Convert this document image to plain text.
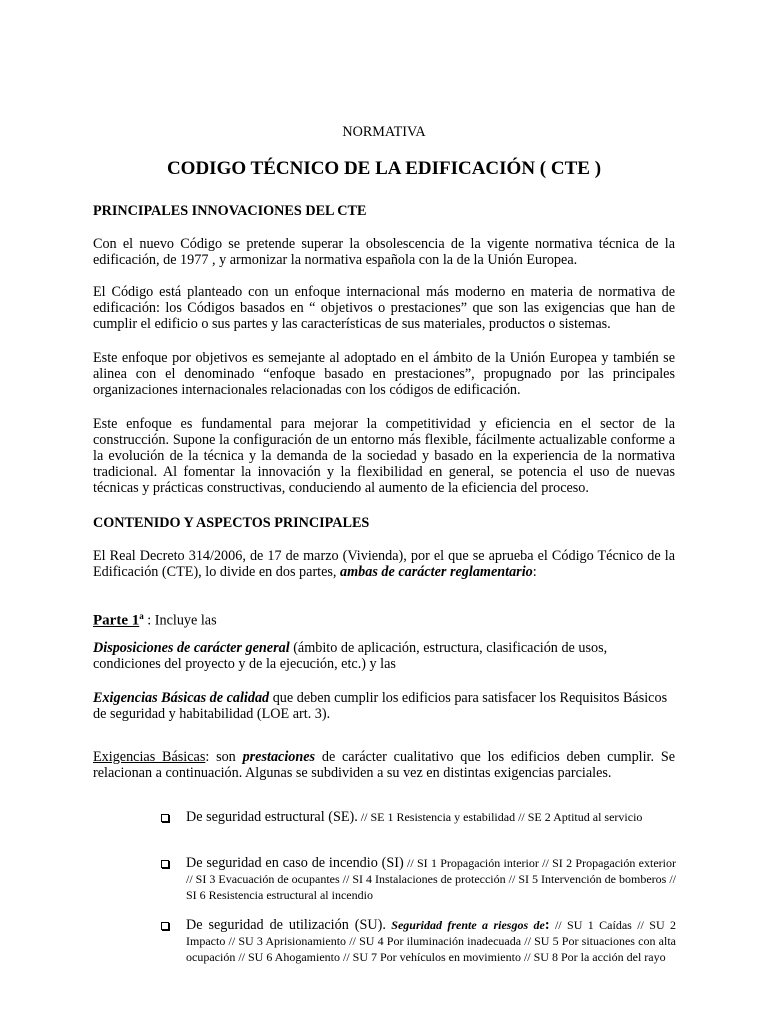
NORMATIVA

CODIGO TÉCNICO DE LA EDIFICACIÓN ( CTE )

PRINCIPALES INNOVACIONES DEL CTE

Con el nuevo Código se pretende superar la obsolescencia de la vigente normativa técnica de la edificación, de 1977 , y armonizar la normativa española con la de la Unión Europea.

El Código está planteado con un enfoque internacional más moderno en materia de normativa de edificación: los Códigos basados en “ objetivos o prestaciones” que son las exigencias que han de cumplir el edificio o sus partes y las características de sus materiales, productos o sistemas.

Este enfoque por objetivos es semejante al adoptado en el ámbito de la Unión Europea y también se alinea con el denominado “enfoque basado en prestaciones”, propugnado por las principales organizaciones internacionales relacionadas con los códigos de edificación.

Este enfoque es fundamental para mejorar la competitividad y eficiencia en el sector de la construcción. Supone la configuración de un entorno más flexible, fácilmente actualizable conforme a la evolución de la técnica y la demanda de la sociedad y basado en la experiencia de la normativa tradicional. Al fomentar la innovación y la flexibilidad en general, se potencia el uso de nuevas técnicas y prácticas constructivas, conduciendo al aumento de la eficiencia del proceso.

CONTENIDO Y ASPECTOS PRINCIPALES

El Real Decreto 314/2006, de 17 de marzo (Vivienda), por el que se aprueba el Código Técnico de la Edificación (CTE), lo divide en dos partes, ambas de carácter reglamentario:

Parte 1$^a$ : Incluye las

Disposiciones de carácter general (ámbito de aplicación, estructura, clasificación de usos, condiciones del proyecto y de la ejecución, etc.) y las

Exigencias Básicas de calidad que deben cumplir los edificios para satisfacer los Requisitos Básicos de seguridad y habitabilidad (LOE art. 3).

Exigencias Básicas: son prestaciones de carácter cualitativo que los edificios deben cumplir. Se relacionan a continuación. Algunas se subdividen a su vez en distintas exigencias parciales.

De seguridad estructural (SE). // SE 1 Resistencia y estabilidad // SE 2 Aptitud al servicio
De seguridad en caso de incendio (SI) // SI 1 Propagación interior // SI 2 Propagación exterior // SI 3 Evacuación de ocupantes // SI 4 Instalaciones de protección // SI 5 Intervención de bomberos // SI 6 Resistencia estructural al incendio
De seguridad de utilización (SU). Seguridad frente a riesgos de: // SU 1 Caídas // SU 2 Impacto // SU 3 Aprisionamiento // SU 4 Por iluminación inadecuada // SU 5 Por situaciones con alta ocupación // SU 6 Ahogamiento // SU 7 Por vehículos en movimiento // SU 8 Por la acción del rayo
